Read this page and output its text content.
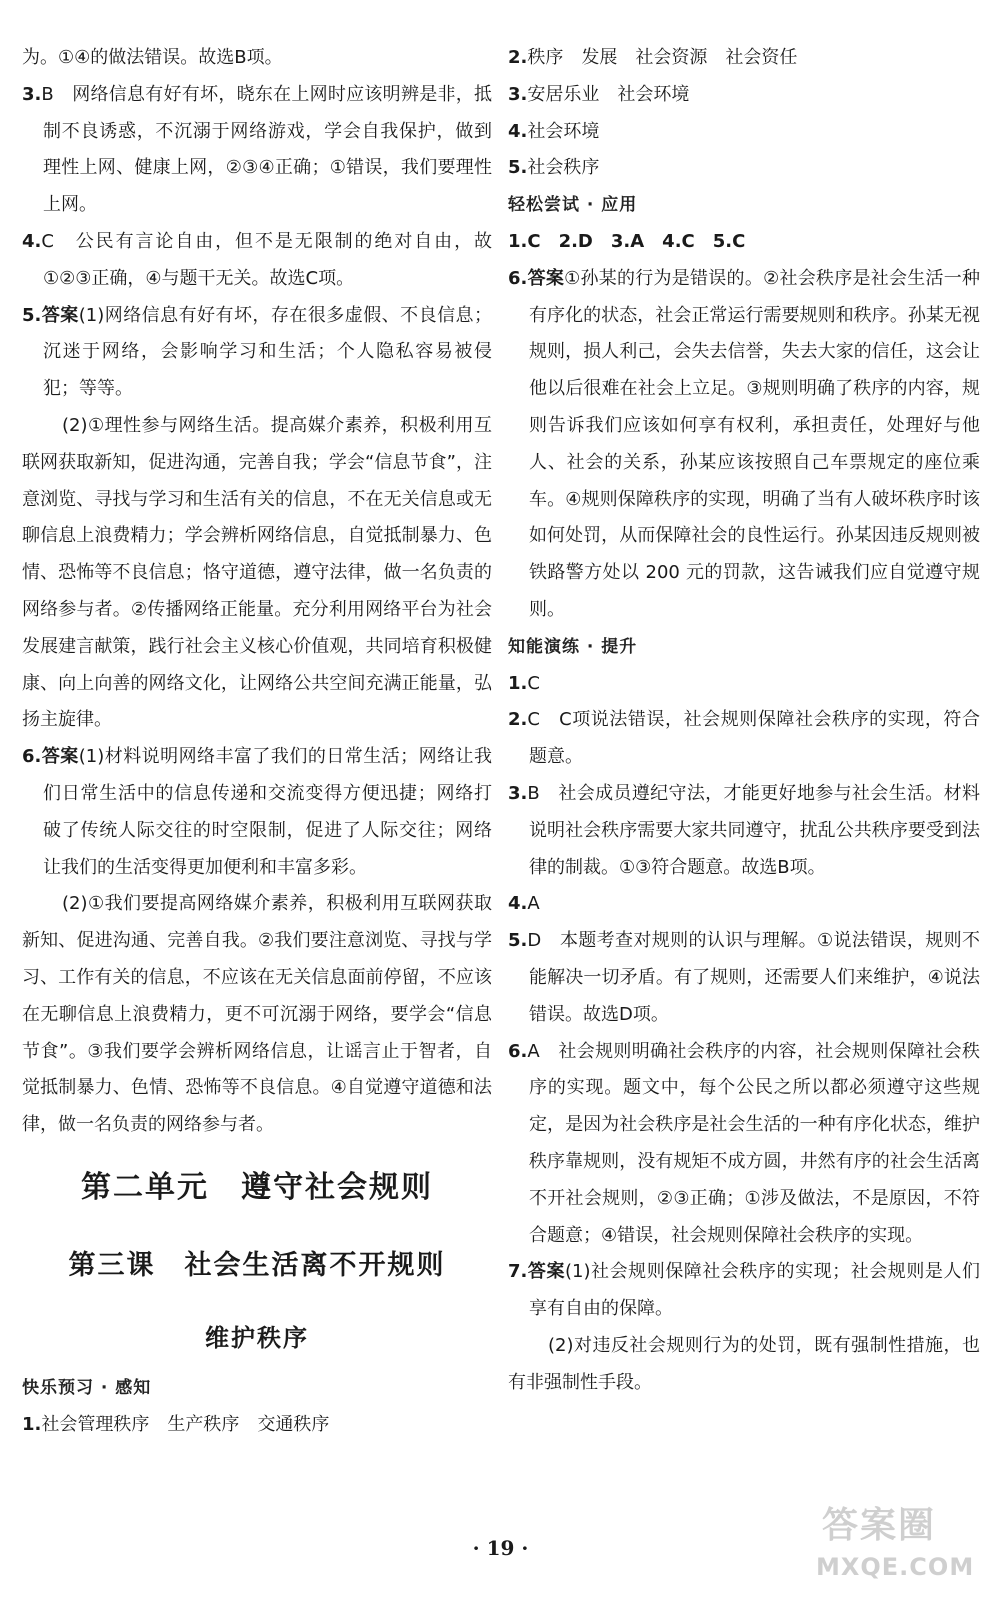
为。①④的做法错误。故选B项。

3.B　网络信息有好有坏，晓东在上网时应该明辨是非，抵制不良诱惑，不沉溺于网络游戏，学会自我保护，做到理性上网、健康上网，②③④正确；①错误，我们要理性上网。

4.C　公民有言论自由，但不是无限制的绝对自由，故①②③正确，④与题干无关。故选C项。

5.答案(1)网络信息有好有坏，存在很多虚假、不良信息；沉迷于网络，会影响学习和生活；个人隐私容易被侵犯；等等。

(2)①理性参与网络生活。提高媒介素养，积极利用互联网获取新知，促进沟通，完善自我；学会“信息节食”，注意浏览、寻找与学习和生活有关的信息，不在无关信息或无聊信息上浪费精力；学会辨析网络信息，自觉抵制暴力、色情、恐怖等不良信息；恪守道德，遵守法律，做一名负责的网络参与者。②传播网络正能量。充分利用网络平台为社会发展建言献策，践行社会主义核心价值观，共同培育积极健康、向上向善的网络文化，让网络公共空间充满正能量，弘扬主旋律。

6.答案(1)材料说明网络丰富了我们的日常生活；网络让我们日常生活中的信息传递和交流变得方便迅捷；网络打破了传统人际交往的时空限制，促进了人际交往；网络让我们的生活变得更加便利和丰富多彩。

(2)①我们要提高网络媒介素养，积极利用互联网获取新知、促进沟通、完善自我。②我们要注意浏览、寻找与学习、工作有关的信息，不应该在无关信息面前停留，不应该在无聊信息上浪费精力，更不可沉溺于网络，要学会“信息节食”。③我们要学会辨析网络信息，让谣言止于智者，自觉抵制暴力、色情、恐怖等不良信息。④自觉遵守道德和法律，做一名负责的网络参与者。

第二单元　遵守社会规则
第三课　社会生活离不开规则
维护秩序

快乐预习 · 感知

1.社会管理秩序　生产秩序　交通秩序

2.秩序　发展　社会资源　社会资任

3.安居乐业　社会环境

4.社会环境

5.社会秩序

轻松尝试 · 应用

1.C　2.D　3.A　4.C　5.C

6.答案①孙某的行为是错误的。②社会秩序是社会生活一种有序化的状态，社会正常运行需要规则和秩序。孙某无视规则，损人利己，会失去信誉，失去大家的信任，这会让他以后很难在社会上立足。③规则明确了秩序的内容，规则告诉我们应该如何享有权利，承担责任，处理好与他人、社会的关系，孙某应该按照自己车票规定的座位乘车。④规则保障秩序的实现，明确了当有人破坏秩序时该如何处罚，从而保障社会的良性运行。孙某因违反规则被铁路警方处以 200 元的罚款，这告诫我们应自觉遵守规则。

知能演练 · 提升

1.C

2.C　C项说法错误，社会规则保障社会秩序的实现，符合题意。

3.B　社会成员遵纪守法，才能更好地参与社会生活。材料说明社会秩序需要大家共同遵守，扰乱公共秩序要受到法律的制裁。①③符合题意。故选B项。

4.A

5.D　本题考查对规则的认识与理解。①说法错误，规则不能解决一切矛盾。有了规则，还需要人们来维护，④说法错误。故选D项。

6.A　社会规则明确社会秩序的内容，社会规则保障社会秩序的实现。题文中，每个公民之所以都必须遵守这些规定，是因为社会秩序是社会生活的一种有序化状态，维护秩序靠规则，没有规矩不成方圆，井然有序的社会生活离不开社会规则，②③正确；①涉及做法，不是原因，不符合题意；④错误，社会规则保障社会秩序的实现。

7.答案(1)社会规则保障社会秩序的实现；社会规则是人们享有自由的保障。

(2)对违反社会规则行为的处罚，既有强制性措施，也有非强制性手段。

· 19 ·
答案圈
MXQE.COM
